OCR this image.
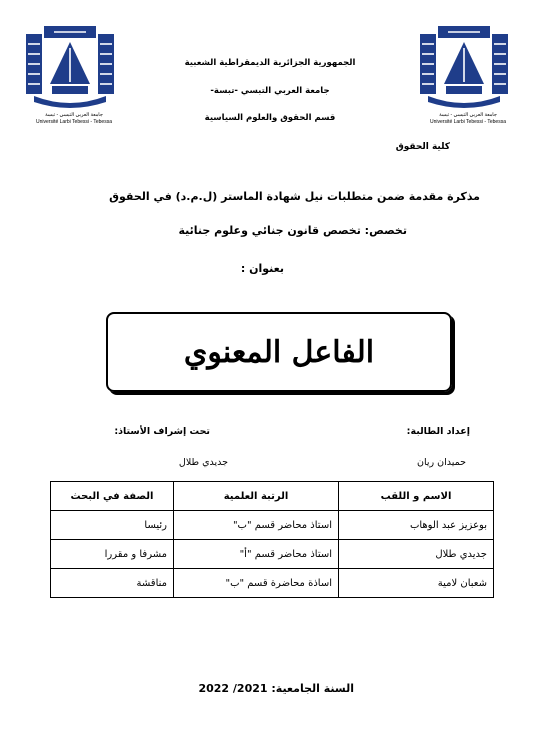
جامعة العربي التبسي - تبسة
Université Larbi Tebessi - Tebessa
جامعة العربي التبسي - تبسة
Université Larbi Tebessi - Tebessa
الجمهورية الجزائرية الديمقراطية الشعبية
جامعة العربي التبسي -تبسة-
قسم الحقوق والعلوم السياسية
كلية الحقوق
مذكرة مقدمة ضمن متطلبات نيل شهادة الماستر (ل.م.د) في الحقوق
تخصص: تخصص قانون جنائي وعلوم جنائية
بعنوان :
الفاعل المعنوي
إعداد الطالبة:
حميدان ريان
تحت إشراف الأستاذ:
جديدي طلال
الاسم و اللقب	الرتبة العلمية	الصفة في البحث
بوعزيز عبد الوهاب	استاذ محاضر قسم "ب"	رئيسا
جديدي طلال	استاذ محاضر قسم "أ"	مشرفا و مقررا
شعبان لامية	اساذة محاضرة قسم "ب"	مناقشة
السنة الجامعية: 2021/ 2022
